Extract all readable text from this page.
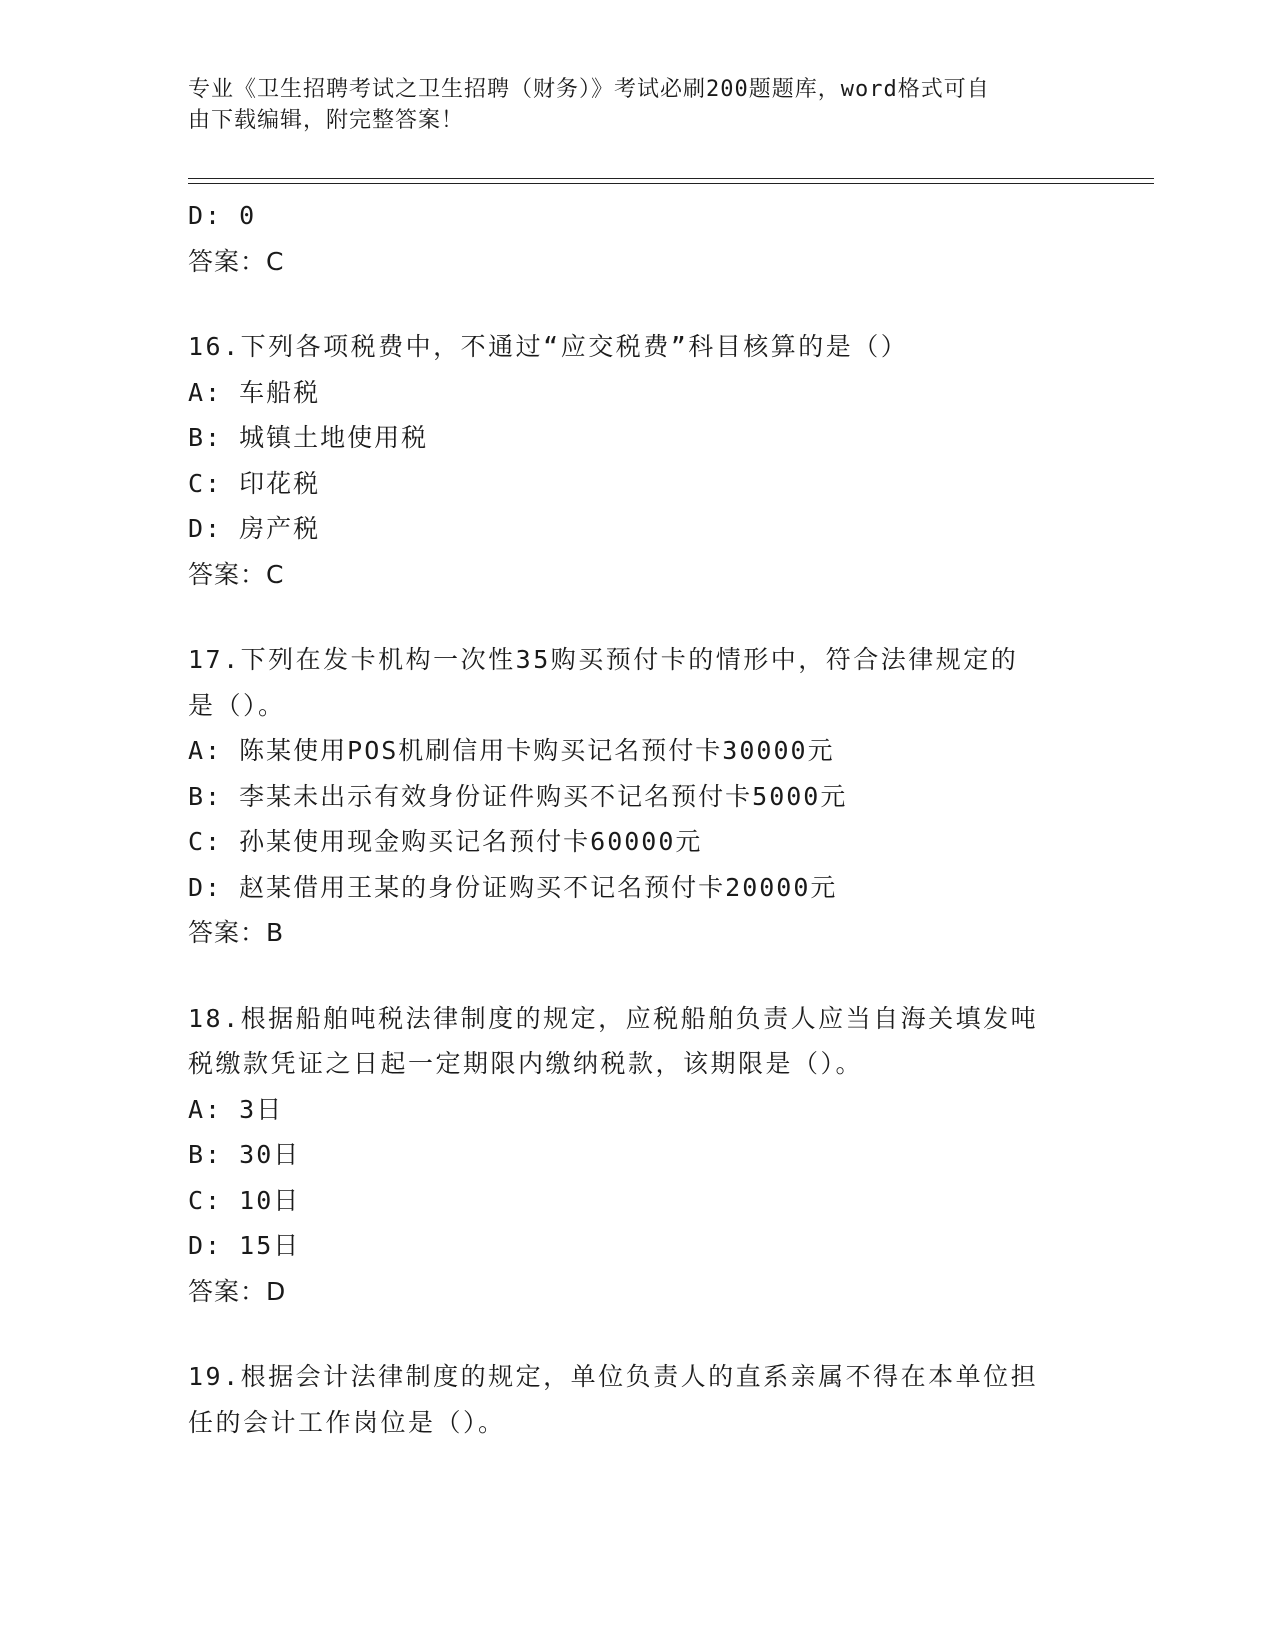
专业《卫生招聘考试之卫生招聘（财务）》考试必刷200题题库，word格式可自
由下载编辑，附完整答案！
D: 0
答案：C
16.下列各项税费中，不通过“应交税费”科目核算的是（）
A: 车船税
B: 城镇土地使用税
C: 印花税
D: 房产税
答案：C
17.下列在发卡机构一次性35购买预付卡的情形中，符合法律规定的
是（）。
A: 陈某使用POS机刷信用卡购买记名预付卡30000元
B: 李某未出示有效身份证件购买不记名预付卡5000元
C: 孙某使用现金购买记名预付卡60000元
D: 赵某借用王某的身份证购买不记名预付卡20000元
答案：B
18.根据船舶吨税法律制度的规定，应税船舶负责人应当自海关填发吨
税缴款凭证之日起一定期限内缴纳税款，该期限是（）。
A: 3日
B: 30日
C: 10日
D: 15日
答案：D
19.根据会计法律制度的规定，单位负责人的直系亲属不得在本单位担
任的会计工作岗位是（）。
